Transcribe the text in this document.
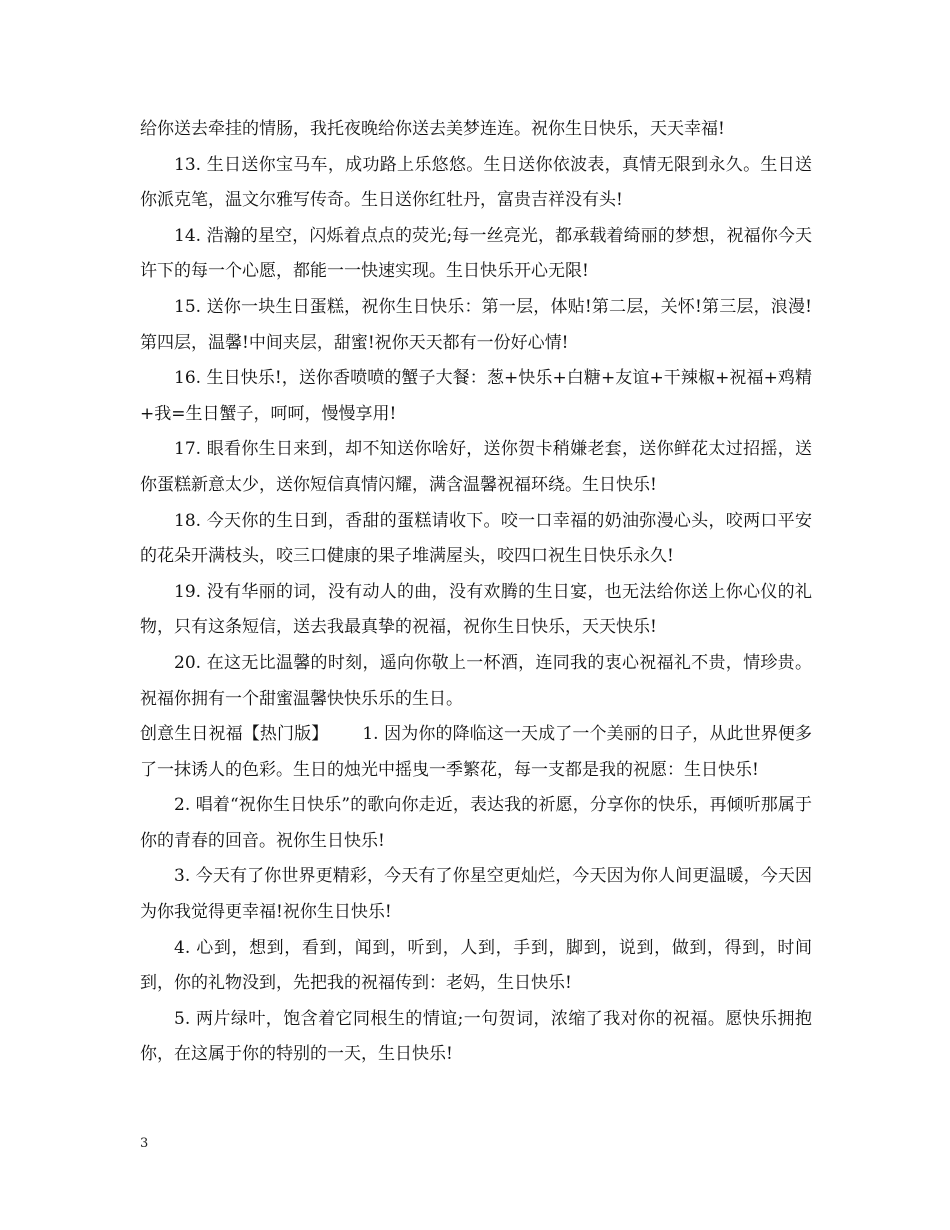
给你送去牵挂的情肠，我托夜晚给你送去美梦连连。祝你生日快乐，天天幸福!

13. 生日送你宝马车，成功路上乐悠悠。生日送你依波表，真情无限到永久。生日送你派克笔，温文尔雅写传奇。生日送你红牡丹，富贵吉祥没有头!

14. 浩瀚的星空，闪烁着点点的荧光;每一丝亮光，都承载着绮丽的梦想，祝福你今天许下的每一个心愿，都能一一快速实现。生日快乐开心无限!

15. 送你一块生日蛋糕，祝你生日快乐：第一层，体贴!第二层，关怀!第三层，浪漫!第四层，温馨!中间夹层，甜蜜!祝你天天都有一份好心情!

16. 生日快乐!，送你香喷喷的蟹子大餐：葱+快乐+白糖+友谊+干辣椒+祝福+鸡精+我=生日蟹子，呵呵，慢慢享用!

17. 眼看你生日来到，却不知送你啥好，送你贺卡稍嫌老套，送你鲜花太过招摇，送你蛋糕新意太少，送你短信真情闪耀，满含温馨祝福环绕。生日快乐!

18. 今天你的生日到，香甜的蛋糕请收下。咬一口幸福的奶油弥漫心头，咬两口平安的花朵开满枝头，咬三口健康的果子堆满屋头，咬四口祝生日快乐永久!

19. 没有华丽的词，没有动人的曲，没有欢腾的生日宴，也无法给你送上你心仪的礼物，只有这条短信，送去我最真挚的祝福，祝你生日快乐，天天快乐!

20. 在这无比温馨的时刻，遥向你敬上一杯酒，连同我的衷心祝福礼不贵，情珍贵。祝福你拥有一个甜蜜温馨快快乐乐的生日。

创意生日祝福【热门版】 1. 因为你的降临这一天成了一个美丽的日子，从此世界便多了一抹诱人的色彩。生日的烛光中摇曳一季繁花，每一支都是我的祝愿：生日快乐!

2. 唱着“祝你生日快乐”的歌向你走近，表达我的祈愿，分享你的快乐，再倾听那属于你的青春的回音。祝你生日快乐!

3. 今天有了你世界更精彩，今天有了你星空更灿烂，今天因为你人间更温暖，今天因为你我觉得更幸福!祝你生日快乐!

4. 心到，想到，看到，闻到，听到，人到，手到，脚到，说到，做到，得到，时间到，你的礼物没到，先把我的祝福传到：老妈，生日快乐!

5. 两片绿叶，饱含着它同根生的情谊;一句贺词，浓缩了我对你的祝福。愿快乐拥抱你，在这属于你的特别的一天，生日快乐!

3
